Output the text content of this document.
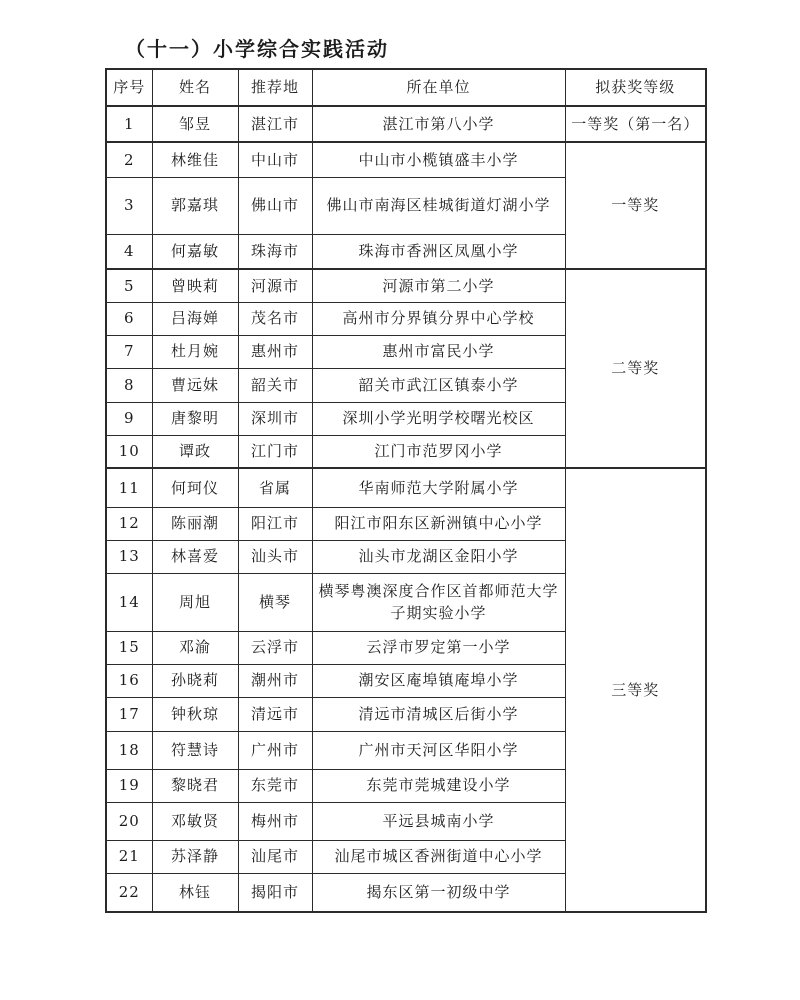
（十一）小学综合实践活动
序号	姓名	推荐地	所在单位	拟获奖等级
1	邹昱	湛江市	湛江市第八小学	一等奖（第一名）
2	林维佳	中山市	中山市小榄镇盛丰小学	一等奖
3	郭嘉琪	佛山市	佛山市南海区桂城街道灯湖小学	
4	何嘉敏	珠海市	珠海市香洲区凤凰小学	
5	曾映莉	河源市	河源市第二小学	二等奖
6	吕海婵	茂名市	高州市分界镇分界中心学校	
7	杜月婉	惠州市	惠州市富民小学	
8	曹远妹	韶关市	韶关市武江区镇泰小学	
9	唐黎明	深圳市	深圳小学光明学校曙光校区	
10	谭政	江门市	江门市范罗冈小学	
11	何珂仪	省属	华南师范大学附属小学	三等奖
12	陈丽潮	阳江市	阳江市阳东区新洲镇中心小学	
13	林喜爱	汕头市	汕头市龙湖区金阳小学	
14	周旭	横琴	横琴粤澳深度合作区首都师范大学子期实验小学	
15	邓渝	云浮市	云浮市罗定第一小学	
16	孙晓莉	潮州市	潮安区庵埠镇庵埠小学	
17	钟秋琼	清远市	清远市清城区后街小学	
18	符慧诗	广州市	广州市天河区华阳小学	
19	黎晓君	东莞市	东莞市莞城建设小学	
20	邓敏贤	梅州市	平远县城南小学	
21	苏泽静	汕尾市	汕尾市城区香洲街道中心小学	
22	林钰	揭阳市	揭东区第一初级中学	
